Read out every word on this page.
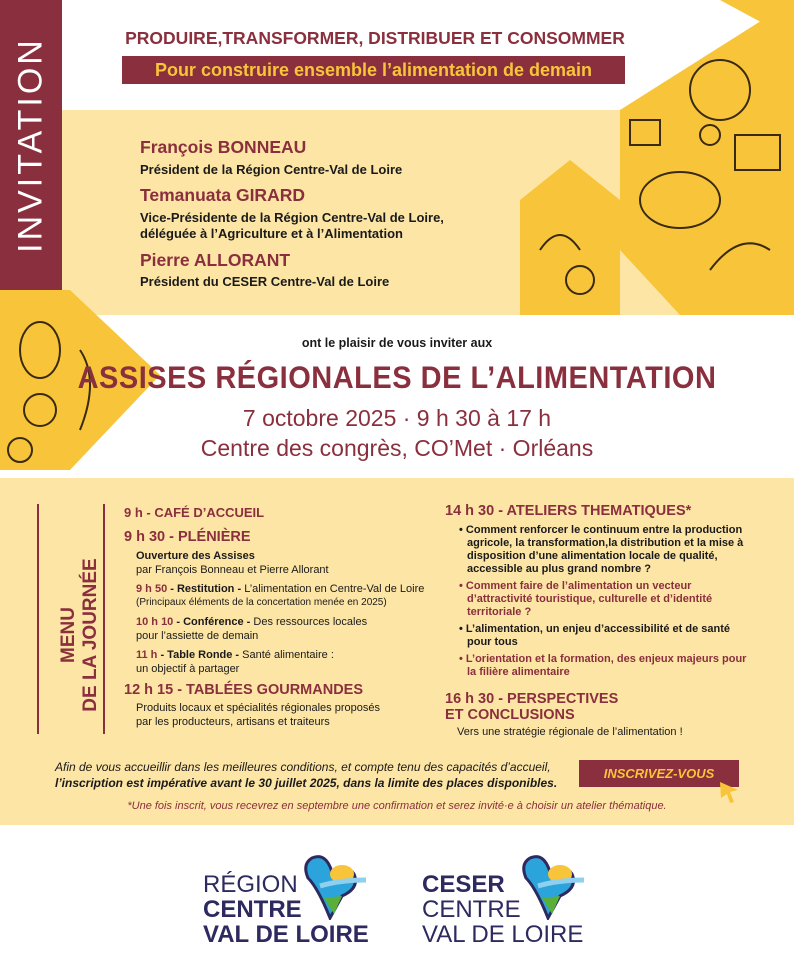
INVITATION	PRODUIRE,TRANSFORMER, DISTRIBUER ET CONSOMMER
Pour construire ensemble l’alimentation de demain
François BONNEAU
Président de la Région Centre-Val de Loire
Temanuata GIRARD
Vice-Présidente de la Région Centre-Val de Loire,
déléguée à l’Agriculture et à l’Alimentation
Pierre ALLORANT
Président du CESER Centre-Val de Loire
ont le plaisir de vous inviter aux
ASSISES RÉGIONALES DE L’ALIMENTATION
7 octobre 2025 · 9 h 30 à 17 h
Centre des congrès, CO’Met · Orléans
MENU
DE LA JOURNÉE
9 h - CAFÉ D’ACCUEIL
9 h 30 - PLÉNIÈRE
Ouverture des Assises
par François Bonneau et Pierre Allorant
9 h 50 - Restitution - L’alimentation en Centre-Val de Loire
(Principaux éléments de la concertation menée en 2025)
10 h 10 - Conférence - Des ressources locales
pour l’assiette de demain
11 h - Table Ronde - Santé alimentaire :
un objectif à partager
12 h 15 - TABLÉES GOURMANDES
Produits locaux et spécialités régionales proposés
par les producteurs, artisans et traiteurs
14 h 30 - ATELIERS THEMATIQUES*
• Comment renforcer le continuum entre la production agricole, la transformation,la distribution et la mise à disposition d’une alimentation locale de qualité, accessible au plus grand nombre ?
• Comment faire de l’alimentation un vecteur d’attractivité touristique, culturelle et d’identité territoriale ?
• L’alimentation, un enjeu d’accessibilité et de santé pour tous
• L’orientation et la formation, des enjeux majeurs pour la filière alimentaire
16 h 30 - PERSPECTIVES
ET CONCLUSIONS
Vers une stratégie régionale de l’alimentation !
Afin de vous accueillir dans les meilleures conditions, et compte tenu des capacités d’accueil,
l’inscription est impérative avant le 30 juillet 2025, dans la limite des places disponibles.
INSCRIVEZ-VOUS
*Une fois inscrit, vous recevrez en septembre une confirmation et serez invité·e à choisir un atelier thématique.
RÉGION
CENTRE
VAL DE LOIRE
CESER
CENTRE
VAL DE LOIRE
